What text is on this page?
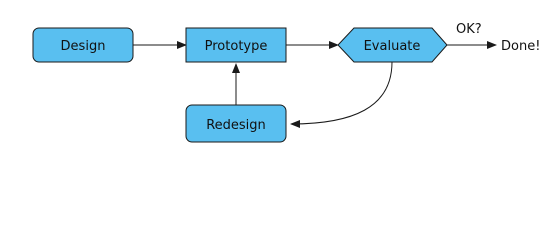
Design	Prototype	Evaluate
Redesign
OK?
Done!
